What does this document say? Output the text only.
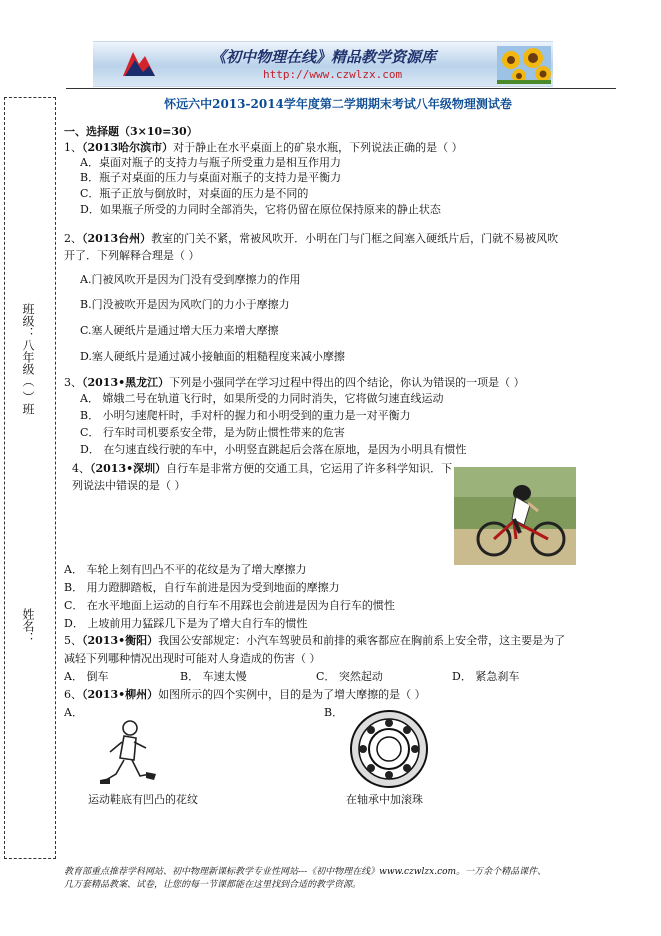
《初中物理在线》精品教学资源库
http://www.czwlzx.com
怀远六中2013-2014学年度第二学期期末考试八年级物理测试卷
班级：八年级（ ）班
姓名：
一、选择题（3×10=30）
1、（2013哈尔滨市）对于静止在水平桌面上的矿泉水瓶，下列说法正确的是（ ）
A．桌面对瓶子的支持力与瓶子所受重力是相互作用力
B．瓶子对桌面的压力与桌面对瓶子的支持力是平衡力
C．瓶子正放与倒放时，对桌面的压力是不同的
D．如果瓶子所受的力同时全部消失，它将仍留在原位保持原来的静止状态
2、（2013台州）教室的门关不紧，常被风吹开．小明在门与门框之间塞入硬纸片后，门就不易被风吹
开了．下列解释合理是（ ）
A.门被风吹开是因为门没有受到摩擦力的作用
B.门没被吹开是因为风吹门的力小于摩擦力
C.塞人硬纸片是通过增大压力来增大摩擦
D.塞人硬纸片是通过减小接触面的粗糙程度来减小摩擦
3、（2013•黑龙江）下列是小强同学在学习过程中得出的四个结论，你认为错误的一项是（ ）
A． 嫦娥二号在轨道飞行时，如果所受的力同时消失，它将做匀速直线运动
B． 小明匀速爬杆时，手对杆的握力和小明受到的重力是一对平衡力
C． 行车时司机要系安全带，是为防止惯性带来的危害
D． 在匀速直线行驶的车中，小明竖直跳起后会落在原地，是因为小明具有惯性
4、（2013•深圳）自行车是非常方便的交通工具，它运用了许多科学知识．下
列说法中错误的是（ ）
A． 车轮上刻有凹凸不平的花纹是为了增大摩擦力
B． 用力蹬脚踏板，自行车前进是因为受到地面的摩擦力
C． 在水平地面上运动的自行车不用踩也会前进是因为自行车的惯性
D． 上坡前用力猛踩几下是为了增大自行车的惯性
5、（2013•衡阳）我国公安部规定：小汽车驾驶员和前排的乘客都应在胸前系上安全带，这主要是为了
减轻下列哪种情况出现时可能对人身造成的伤害（ ）
A． 倒车	B． 车速太慢	C． 突然起动	D． 紧急刹车
6、（2013•柳州）如图所示的四个实例中，目的是为了增大摩擦的是（ ）
A．	B．
运动鞋底有凹凸的花纹	在轴承中加滚珠
教育部重点推荐学科网站、初中物理新课标教学专业性网站---《初中物理在线》www.czwlzx.com。一万余个精品课件、
几万套精品教案、试卷，让您的每一节课都能在这里找到合适的教学资源。
